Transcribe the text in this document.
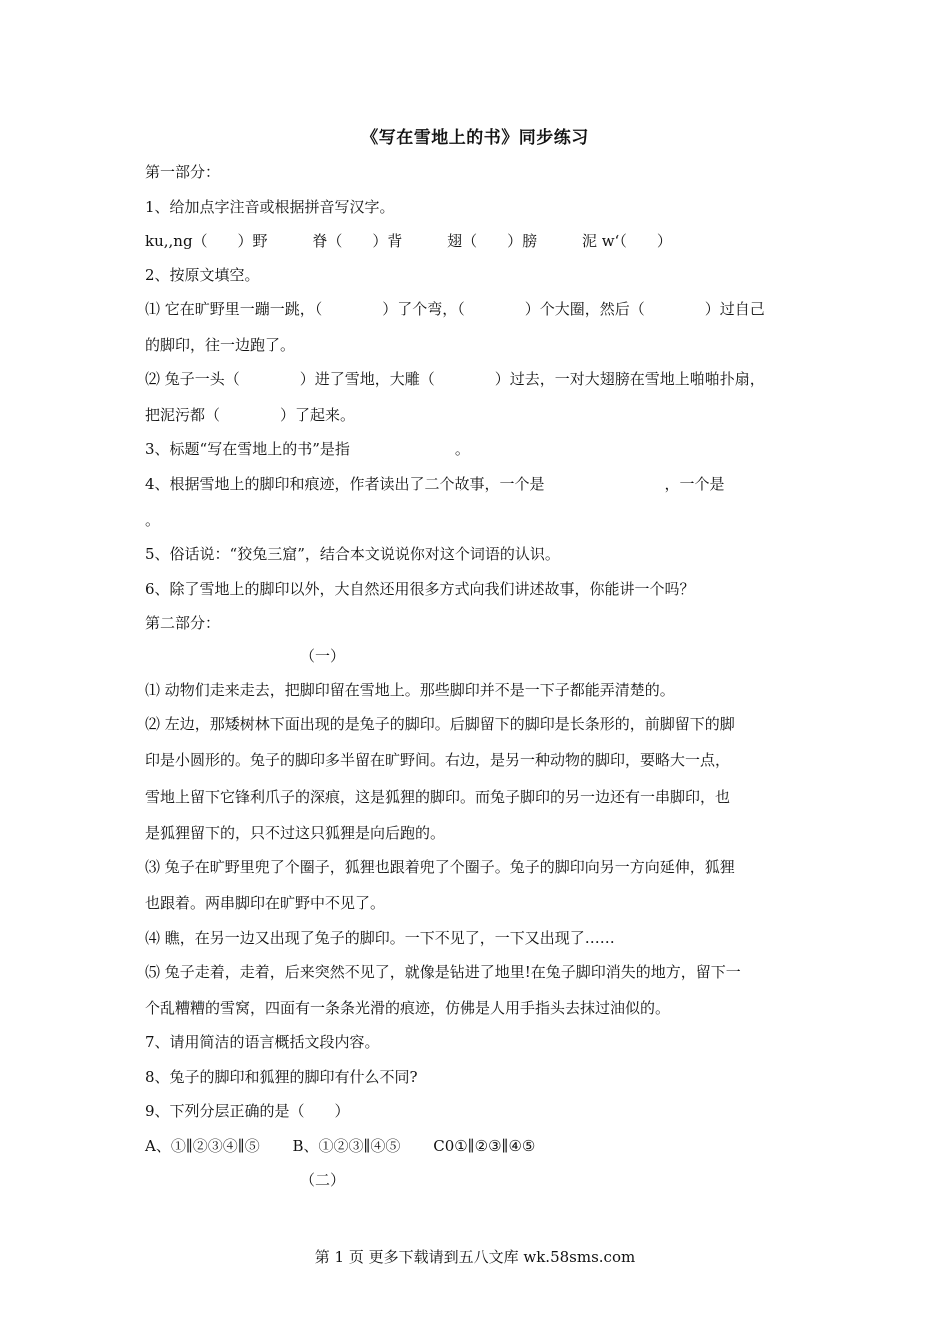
《写在雪地上的书》同步练习
第一部分：
1、给加点字注音或根据拼音写汉字。
ku,,ng（　　）野	脊（　　）背	翅（　　）膀	泥 w‘（　　）
2、按原文填空。
⑴ 它在旷野里一蹦一跳，（　　　　）了个弯，（　　　　）个大圈，然后（　　　　）过自己
的脚印，往一边跑了。
⑵ 兔子一头（　　　　）进了雪地，大雕（　　　　）过去，一对大翅膀在雪地上啪啪扑扇，
把泥污都（　　　　）了起来。
3、标题“写在雪地上的书”是指　　　　　　　。
4、根据雪地上的脚印和痕迹，作者读出了二个故事，一个是　　　　　　　　，一个是
。
5、俗话说：“狡兔三窟”，结合本文说说你对这个词语的认识。
6、除了雪地上的脚印以外，大自然还用很多方式向我们讲述故事，你能讲一个吗？
第二部分：
（一）
⑴ 动物们走来走去，把脚印留在雪地上。那些脚印并不是一下子都能弄清楚的。
⑵ 左边，那矮树林下面出现的是兔子的脚印。后脚留下的脚印是长条形的，前脚留下的脚
印是小圆形的。兔子的脚印多半留在旷野间。右边，是另一种动物的脚印，要略大一点，
雪地上留下它锋利爪子的深痕，这是狐狸的脚印。而兔子脚印的另一边还有一串脚印，也
是狐狸留下的，只不过这只狐狸是向后跑的。
⑶ 兔子在旷野里兜了个圈子，狐狸也跟着兜了个圈子。兔子的脚印向另一方向延伸，狐狸
也跟着。两串脚印在旷野中不见了。
⑷ 瞧，在另一边又出现了兔子的脚印。一下不见了，一下又出现了……
⑸ 兔子走着，走着，后来突然不见了，就像是钻进了地里!在兔子脚印消失的地方，留下一
个乱糟糟的雪窝，四面有一条条光滑的痕迹，仿佛是人用手指头去抹过油似的。
7、请用简洁的语言概括文段内容。
8、兔子的脚印和狐狸的脚印有什么不同?
9、下列分层正确的是（　　）
A、①∥②③④∥⑤ B、①②③∥④⑤ C0①∥②③∥④⑤
（二）
第 1 页 更多下载请到五八文库 wk.58sms.com
